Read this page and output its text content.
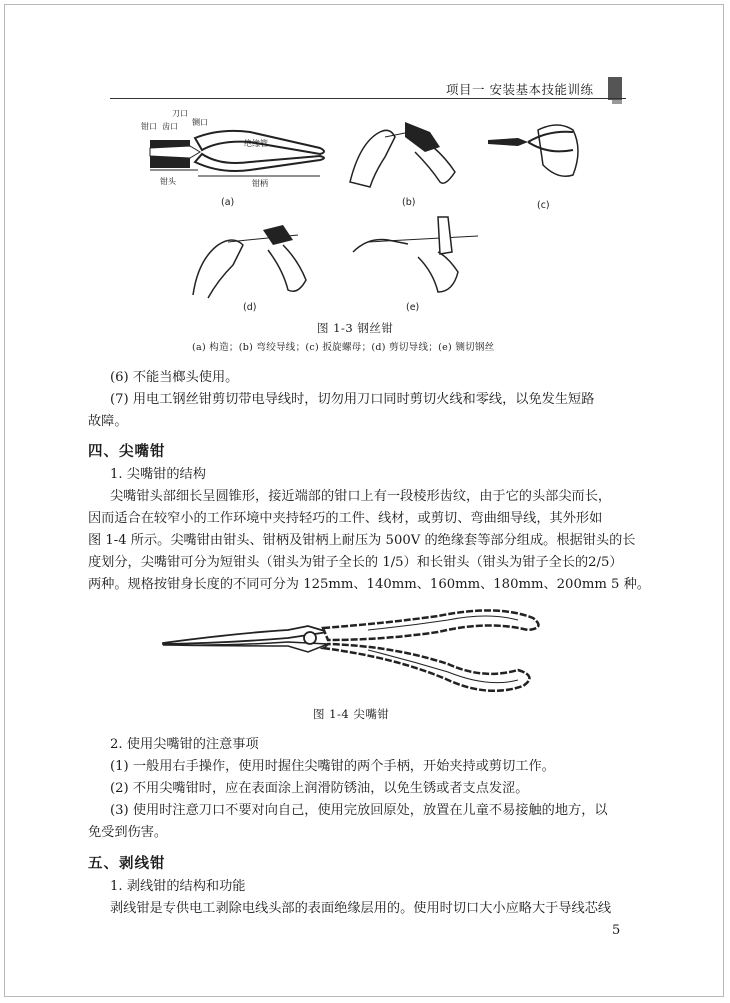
项目一 安装基本技能训练
钳口 齿口
刀口
铡口
绝缘管
钳头	钳柄
(a)	(b)	(c)
(d)	(e)
图 1-3 钢丝钳
(a) 构造；(b) 弯绞导线；(c) 扳旋螺母；(d) 剪切导线；(e) 铡切钢丝
(6) 不能当榔头使用。
(7) 用电工钢丝钳剪切带电导线时，切勿用刀口同时剪切火线和零线，以免发生短路
故障。
四、尖嘴钳
1. 尖嘴钳的结构
尖嘴钳头部细长呈圆锥形，接近端部的钳口上有一段棱形齿纹，由于它的头部尖而长，
因而适合在较窄小的工作环境中夹持轻巧的工件、线材，或剪切、弯曲细导线，其外形如
图 1-4 所示。尖嘴钳由钳头、钳柄及钳柄上耐压为 500V 的绝缘套等部分组成。根据钳头的长
度划分，尖嘴钳可分为短钳头（钳头为钳子全长的 1/5）和长钳头（钳头为钳子全长的2/5）
两种。规格按钳身长度的不同可分为 125mm、140mm、160mm、180mm、200mm 5 种。
图 1-4 尖嘴钳
2. 使用尖嘴钳的注意事项
(1) 一般用右手操作，使用时握住尖嘴钳的两个手柄，开始夹持或剪切工作。
(2) 不用尖嘴钳时，应在表面涂上润滑防锈油，以免生锈或者支点发涩。
(3) 使用时注意刀口不要对向自己，使用完放回原处，放置在儿童不易接触的地方，以
免受到伤害。
五、剥线钳
1. 剥线钳的结构和功能
剥线钳是专供电工剥除电线头部的表面绝缘层用的。使用时切口大小应略大于导线芯线
5
